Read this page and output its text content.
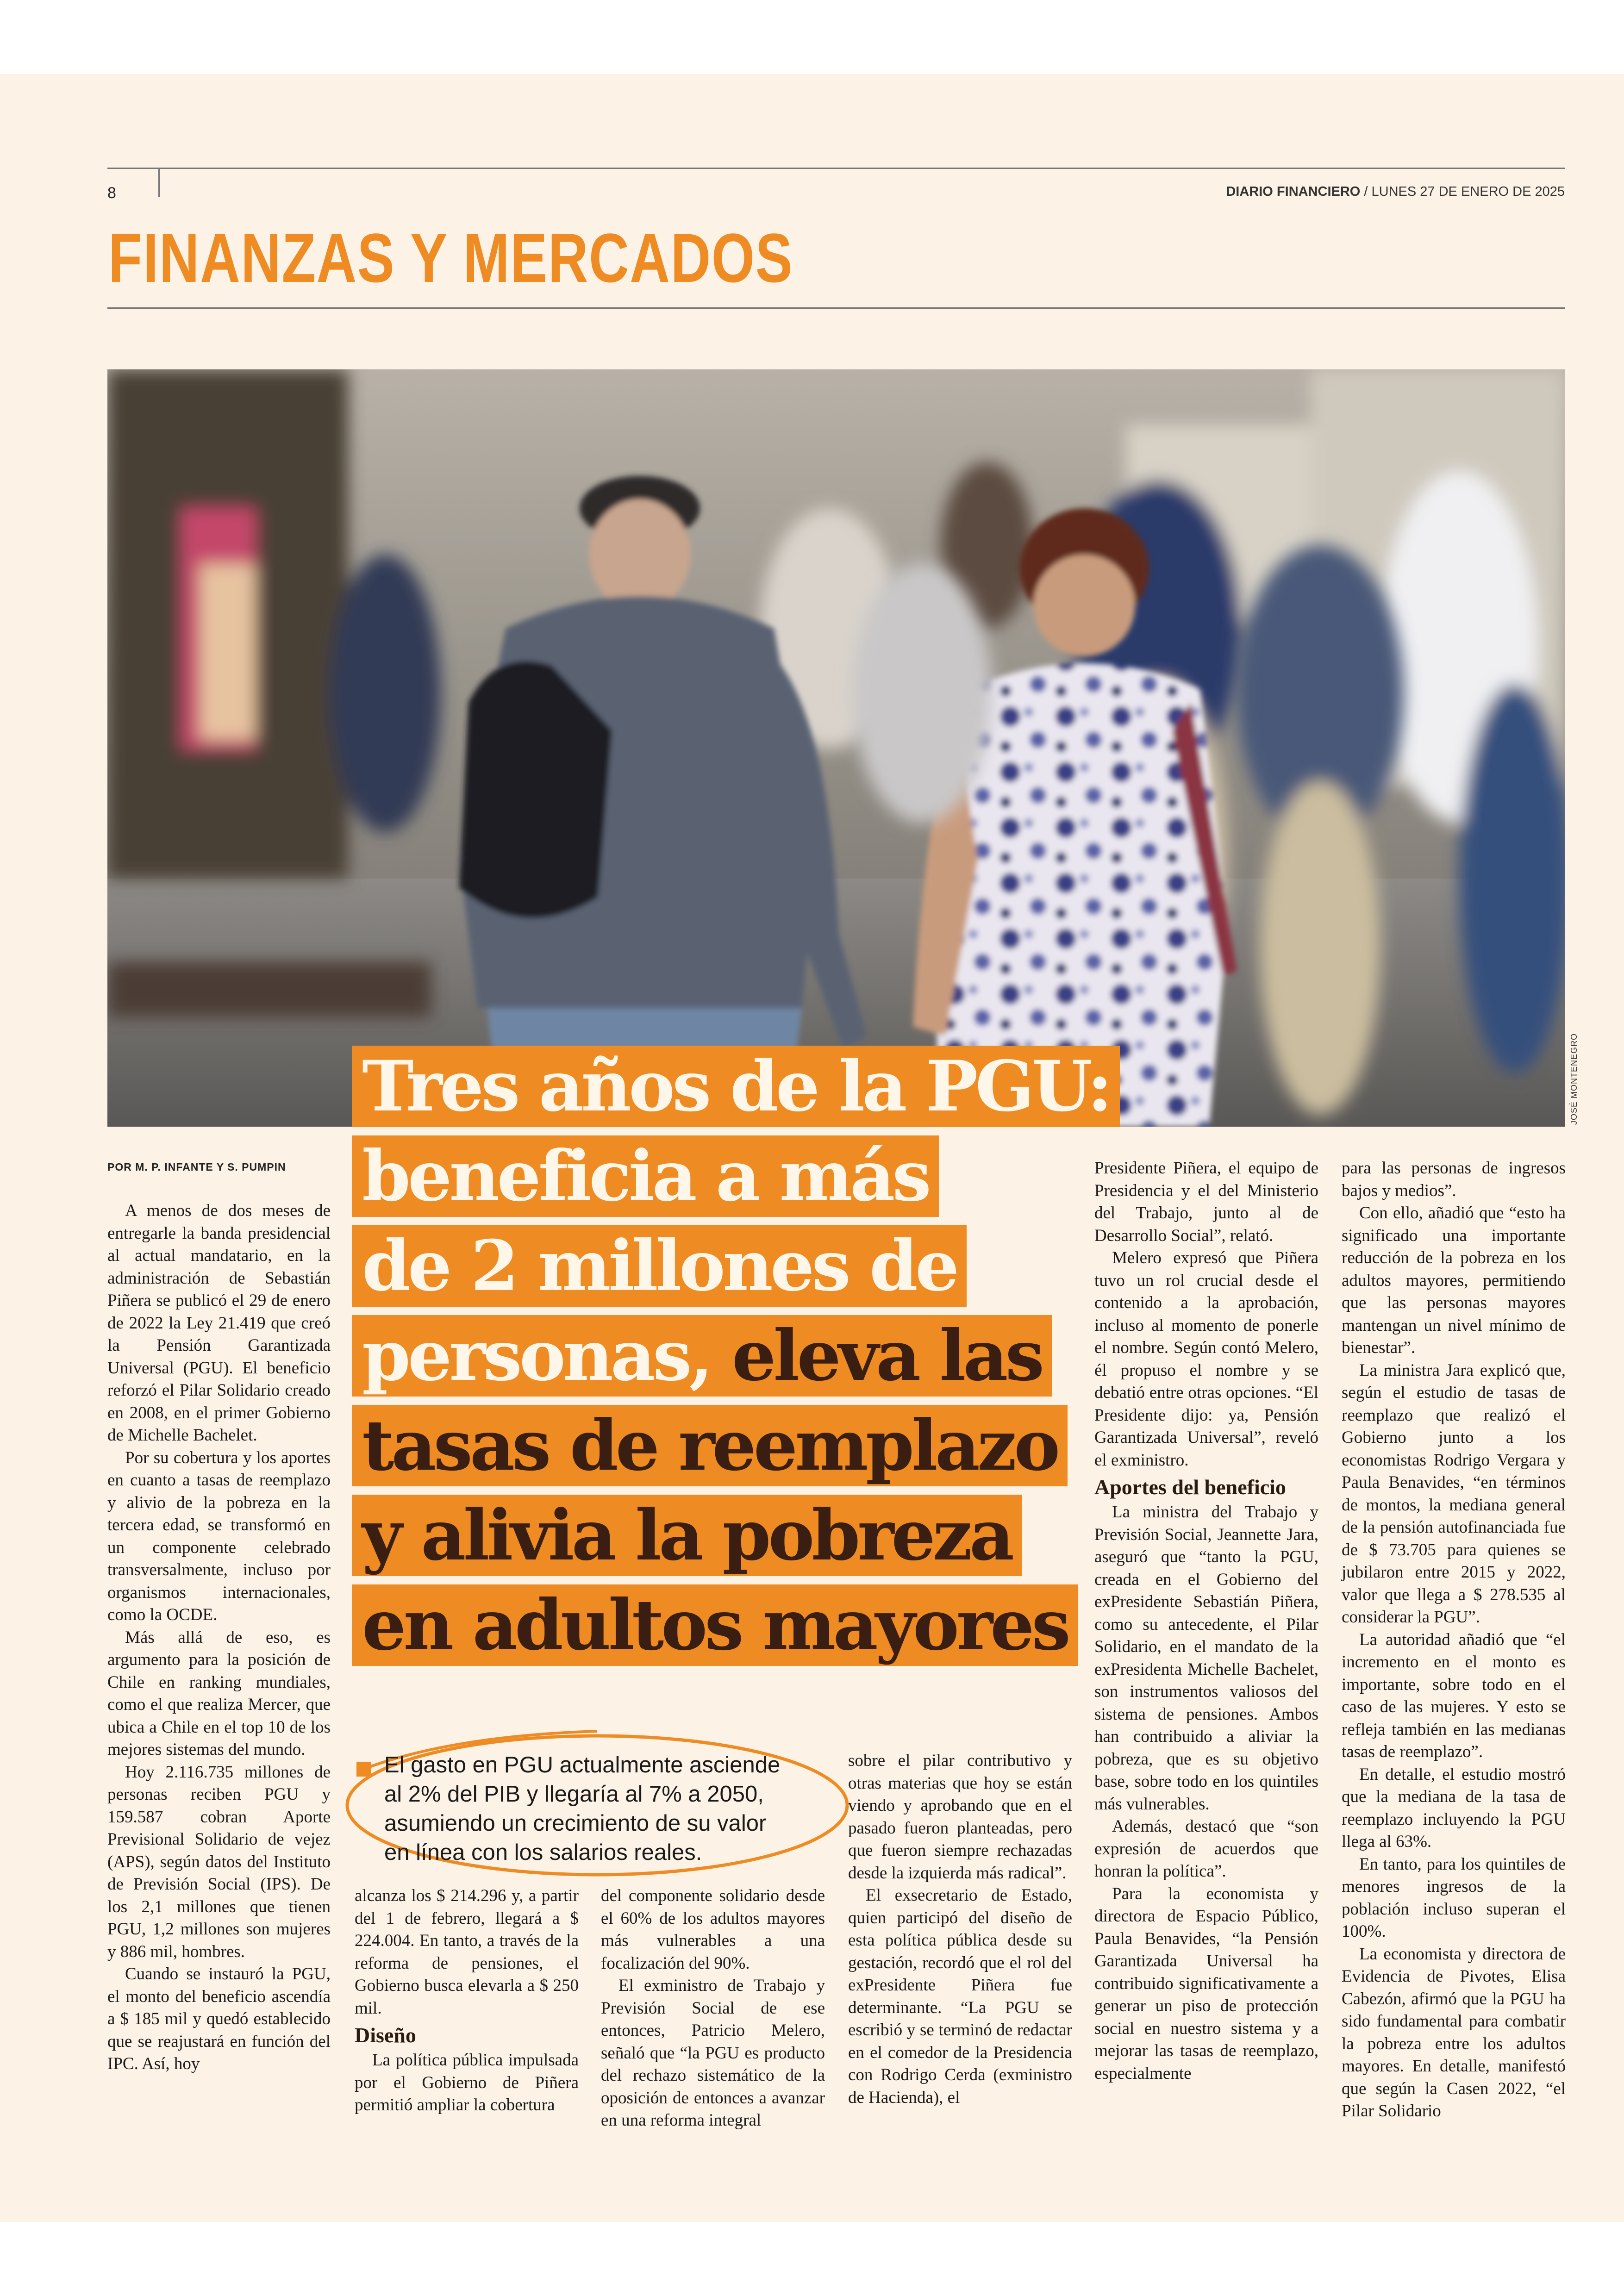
8	DIARIO FINANCIERO / LUNES 27 DE ENERO DE 2025
FINANZAS Y MERCADOS
JOSÉ MONTENEGRO
Tres años de la PGU:
beneficia a más
de 2 millones de
personas, eleva las
tasas de reemplazo
y alivia la pobreza
en adultos mayores
POR M. P. INFANTE Y S. PUMPIN

A menos de dos meses de entregarle la banda presidencial al actual mandatario, en la administración de Sebastián Piñera se publicó el 29 de enero de 2022 la Ley 21.419 que creó la Pensión Garantizada Universal (PGU). El beneficio reforzó el Pilar Solidario creado en 2008, en el primer Gobierno de Michelle Bachelet.

Por su cobertura y los aportes en cuanto a tasas de reemplazo y alivio de la pobreza en la tercera edad, se transformó en un componente celebrado transversalmente, incluso por organismos internacionales, como la OCDE.

Más allá de eso, es argumento para la posición de Chile en ranking mundiales, como el que realiza Mercer, que ubica a Chile en el top 10 de los mejores sistemas del mundo.

Hoy 2.116.735 millones de personas reciben PGU y 159.587 cobran Aporte Previsional Solidario de vejez (APS), según datos del Instituto de Previsión Social (IPS). De los 2,1 millones que tienen PGU, 1,2 millones son mujeres y 886 mil, hombres.

Cuando se instauró la PGU, el monto del beneficio ascendía a $ 185 mil y quedó establecido que se reajustará en función del IPC. Así, hoy

El gasto en PGU actualmente asciende
al 2% del PIB y llegaría al 7% a 2050,
asumiendo un crecimiento de su valor
en línea con los salarios reales.

alcanza los $ 214.296 y, a partir del 1 de febrero, llegará a $ 224.004. En tanto, a través de la reforma de pensiones, el Gobierno busca elevarla a $ 250 mil.

Diseño

La política pública impulsada por el Gobierno de Piñera permitió ampliar la cobertura

del componente solidario desde el 60% de los adultos mayores más vulnerables a una focalización del 90%.

El exministro de Trabajo y Previsión Social de ese entonces, Patricio Melero, señaló que “la PGU es producto del rechazo sistemático de la oposición de entonces a avanzar en una reforma integral

sobre el pilar contributivo y otras materias que hoy se están viendo y aprobando que en el pasado fueron planteadas, pero que fueron siempre rechazadas desde la izquierda más radical”.

El exsecretario de Estado, quien participó del diseño de esta política pública desde su gestación, recordó que el rol del exPresidente Piñera fue determinante. “La PGU se escribió y se terminó de redactar en el comedor de la Presidencia con Rodrigo Cerda (exministro de Hacienda), el

Presidente Piñera, el equipo de Presidencia y el del Ministerio del Trabajo, junto al de Desarrollo Social”, relató.

Melero expresó que Piñera tuvo un rol crucial desde el contenido a la aprobación, incluso al momento de ponerle el nombre. Según contó Melero, él propuso el nombre y se debatió entre otras opciones. “El Presidente dijo: ya, Pensión Garantizada Universal”, reveló el exministro.

Aportes del beneficio

La ministra del Trabajo y Previsión Social, Jeannette Jara, aseguró que “tanto la PGU, creada en el Gobierno del exPresidente Sebastián Piñera, como su antecedente, el Pilar Solidario, en el mandato de la exPresidenta Michelle Bachelet, son instrumentos valiosos del sistema de pensiones. Ambos han contribuido a aliviar la pobreza, que es su objetivo base, sobre todo en los quintiles más vulnerables.

Además, destacó que “son expresión de acuerdos que honran la política”.

Para la economista y directora de Espacio Público, Paula Benavides, “la Pensión Garantizada Universal ha contribuido significativamente a generar un piso de protección social en nuestro sistema y a mejorar las tasas de reemplazo, especialmente

para las personas de ingresos bajos y medios”.

Con ello, añadió que “esto ha significado una importante reducción de la pobreza en los adultos mayores, permitiendo que las personas mayores mantengan un nivel mínimo de bienestar”.

La ministra Jara explicó que, según el estudio de tasas de reemplazo que realizó el Gobierno junto a los economistas Rodrigo Vergara y Paula Benavides, “en términos de montos, la mediana general de la pensión autofinanciada fue de $ 73.705 para quienes se jubilaron entre 2015 y 2022, valor que llega a $ 278.535 al considerar la PGU”.

La autoridad añadió que “el incremento en el monto es importante, sobre todo en el caso de las mujeres. Y esto se refleja también en las medianas tasas de reemplazo”.

En detalle, el estudio mostró que la mediana de la tasa de reemplazo incluyendo la PGU llega al 63%.

En tanto, para los quintiles de menores ingresos de la población incluso superan el 100%.

La economista y directora de Evidencia de Pivotes, Elisa Cabezón, afirmó que la PGU ha sido fundamental para combatir la pobreza entre los adultos mayores. En detalle, manifestó que según la Casen 2022, “el Pilar Solidario
